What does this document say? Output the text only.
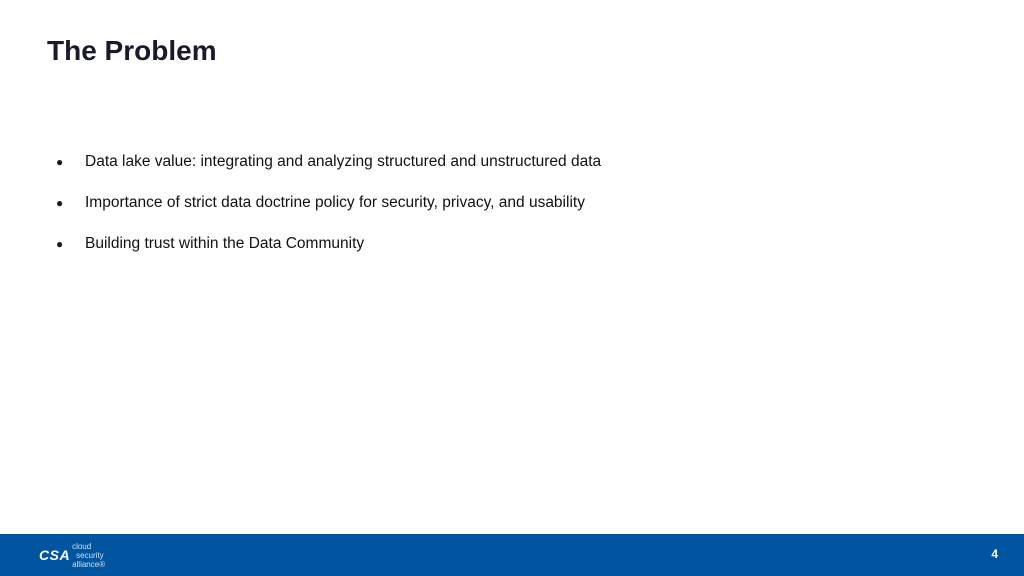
The Problem
●	Data lake value: integrating and analyzing structured and unstructured data
●	Importance of strict data doctrine policy for security, privacy, and usability
●	Building trust within the Data Community
CSA
cloud
security
alliance®
4
